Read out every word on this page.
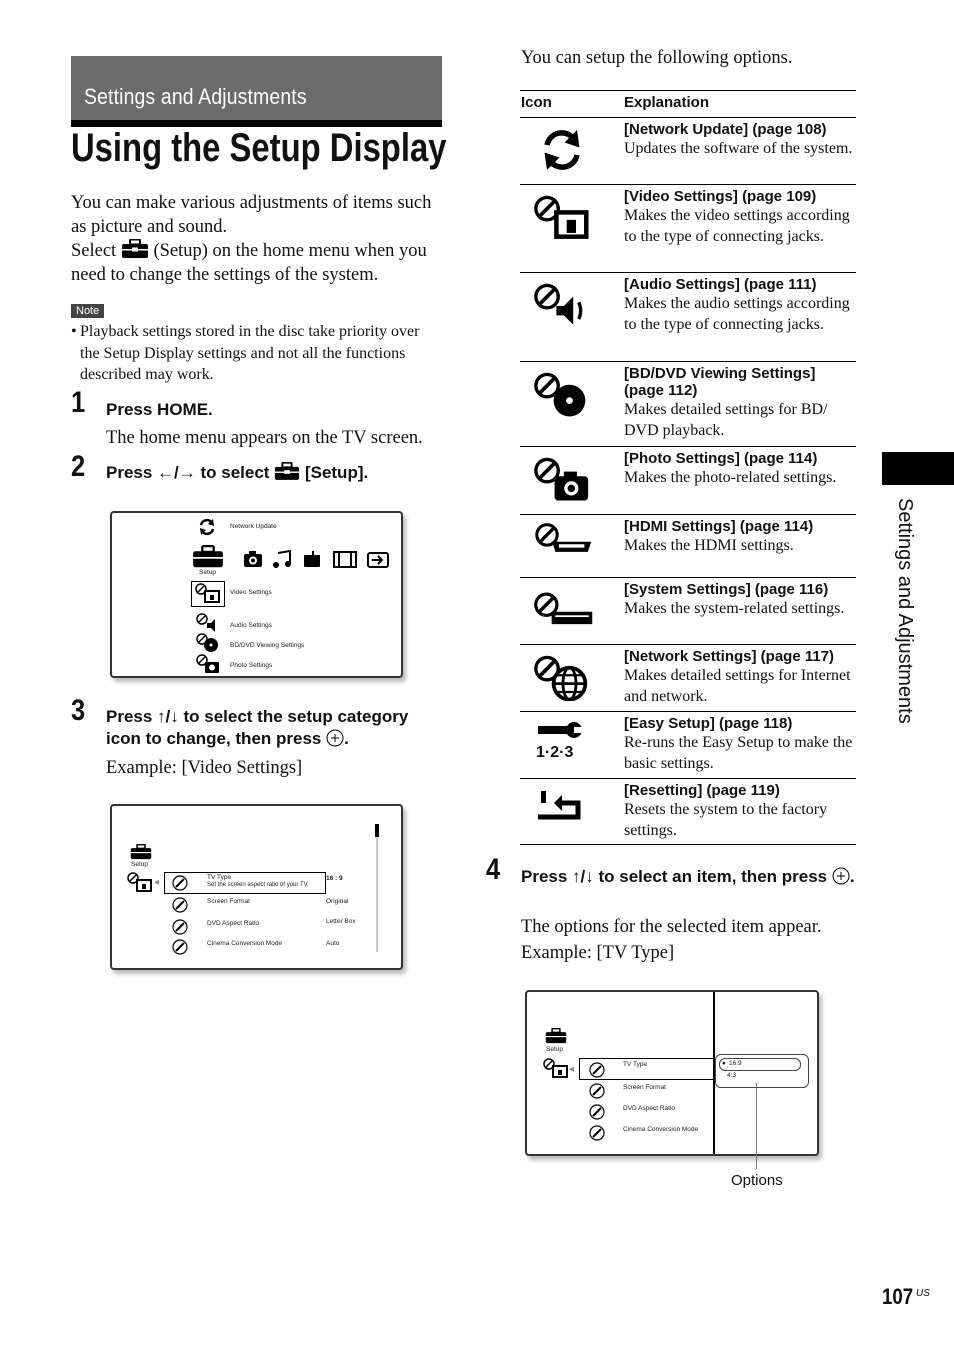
Settings and Adjustments
Using the Setup Display
You can make various adjustments of items such as picture and sound.
Select (Setup) on the home menu when you need to change the settings of the system.
Note
• Playback settings stored in the disc take priority over the Setup Display settings and not all the functions described may work.
1 Press HOME.
The home menu appears on the TV screen.
2 Press ←/→ to select [Setup].
Network Update
Setup
Video Settings
Audio Settings
BD/DVD Viewing Settings
Photo Settings
3 Press ↑/↓ to select the setup category icon to change, then press .
Example: [Video Settings]
Setup
◀
TV Type
Set the screen aspect ratio of your TV.
16 : 9
Screen Format	Original
DVD Aspect Ratio	Letter Box
Cinema Conversion Mode	Auto
You can setup the following options.
Icon	Explanation
[Network Update] (page 108)
Updates the software of the system.
[Video Settings] (page 109)
Makes the video settings according to the type of connecting jacks.
[Audio Settings] (page 111)
Makes the audio settings according to the type of connecting jacks.
[BD/DVD Viewing Settings] (page 112)
Makes detailed settings for BD/ DVD playback.
[Photo Settings] (page 114)
Makes the photo-related settings.
[HDMI Settings] (page 114)
Makes the HDMI settings.
[System Settings] (page 116)
Makes the system-related settings.
[Network Settings] (page 117)
Makes detailed settings for Internet and network.
1·2·3
[Easy Setup] (page 118)
Re-runs the Easy Setup to make the basic settings.
[Resetting] (page 119)
Resets the system to the factory settings.
4 Press ↑/↓ to select an item, then press .
The options for the selected item appear.
Example: [TV Type]
Setup
◀
TV Type
Screen Format
DVD Aspect Ratio
Cinema Conversion Mode
● 16:9
4:3
Options
Settings and Adjustments
107 US
